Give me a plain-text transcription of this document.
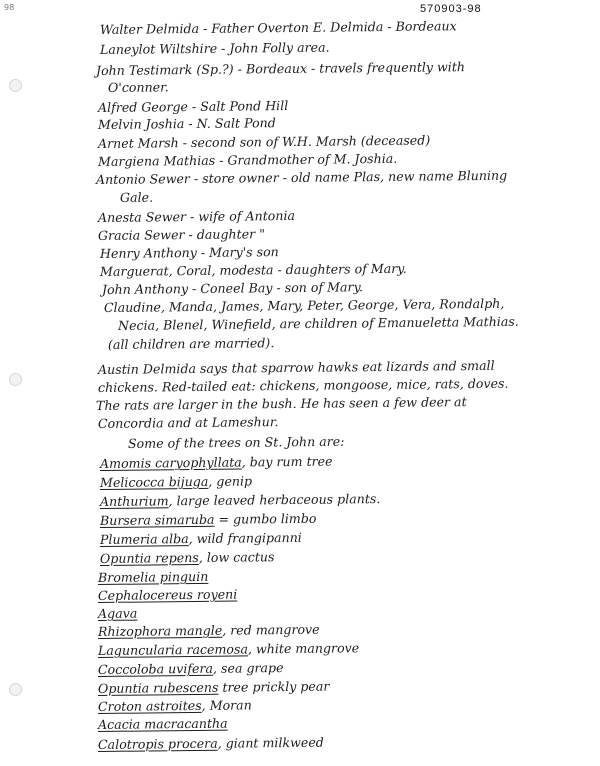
98	570903-98
Walter Delmida - Father Overton E. Delmida - Bordeaux
Laneylot Wiltshire - John Folly area.
John Testimark (Sp.?) - Bordeaux - travels frequently with
O'conner.
Alfred George - Salt Pond Hill
Melvin Joshia - N. Salt Pond
Arnet Marsh - second son of W.H. Marsh (deceased)
Margiena Mathias - Grandmother of M. Joshia.
Antonio Sewer - store owner - old name Plas, new name Bluning
Gale.
Anesta Sewer - wife of Antonia
Gracia Sewer - daughter "
Henry Anthony - Mary's son
Marguerat, Coral, modesta - daughters of Mary.
John Anthony - Coneel Bay - son of Mary.
Claudine, Manda, James, Mary, Peter, George, Vera, Rondalph,
Necia, Blenel, Winefield, are children of Emanueletta Mathias.
(all children are married).
Austin Delmida says that sparrow hawks eat lizards and small
chickens. Red-tailed eat: chickens, mongoose, mice, rats, doves.
The rats are larger in the bush. He has seen a few deer at
Concordia and at Lameshur.
Some of the trees on St. John are:
Amomis caryophyllata, bay rum tree
Melicocca bijuga, genip
Anthurium, large leaved herbaceous plants.
Bursera simaruba = gumbo limbo
Plumeria alba, wild frangipanni
Opuntia repens, low cactus
Bromelia pinguin
Cephalocereus royeni
Agava
Rhizophora mangle, red mangrove
Laguncularia racemosa, white mangrove
Coccoloba uvifera, sea grape
Opuntia rubescens tree prickly pear
Croton astroites, Moran
Acacia macracantha
Calotropis procera, giant milkweed
